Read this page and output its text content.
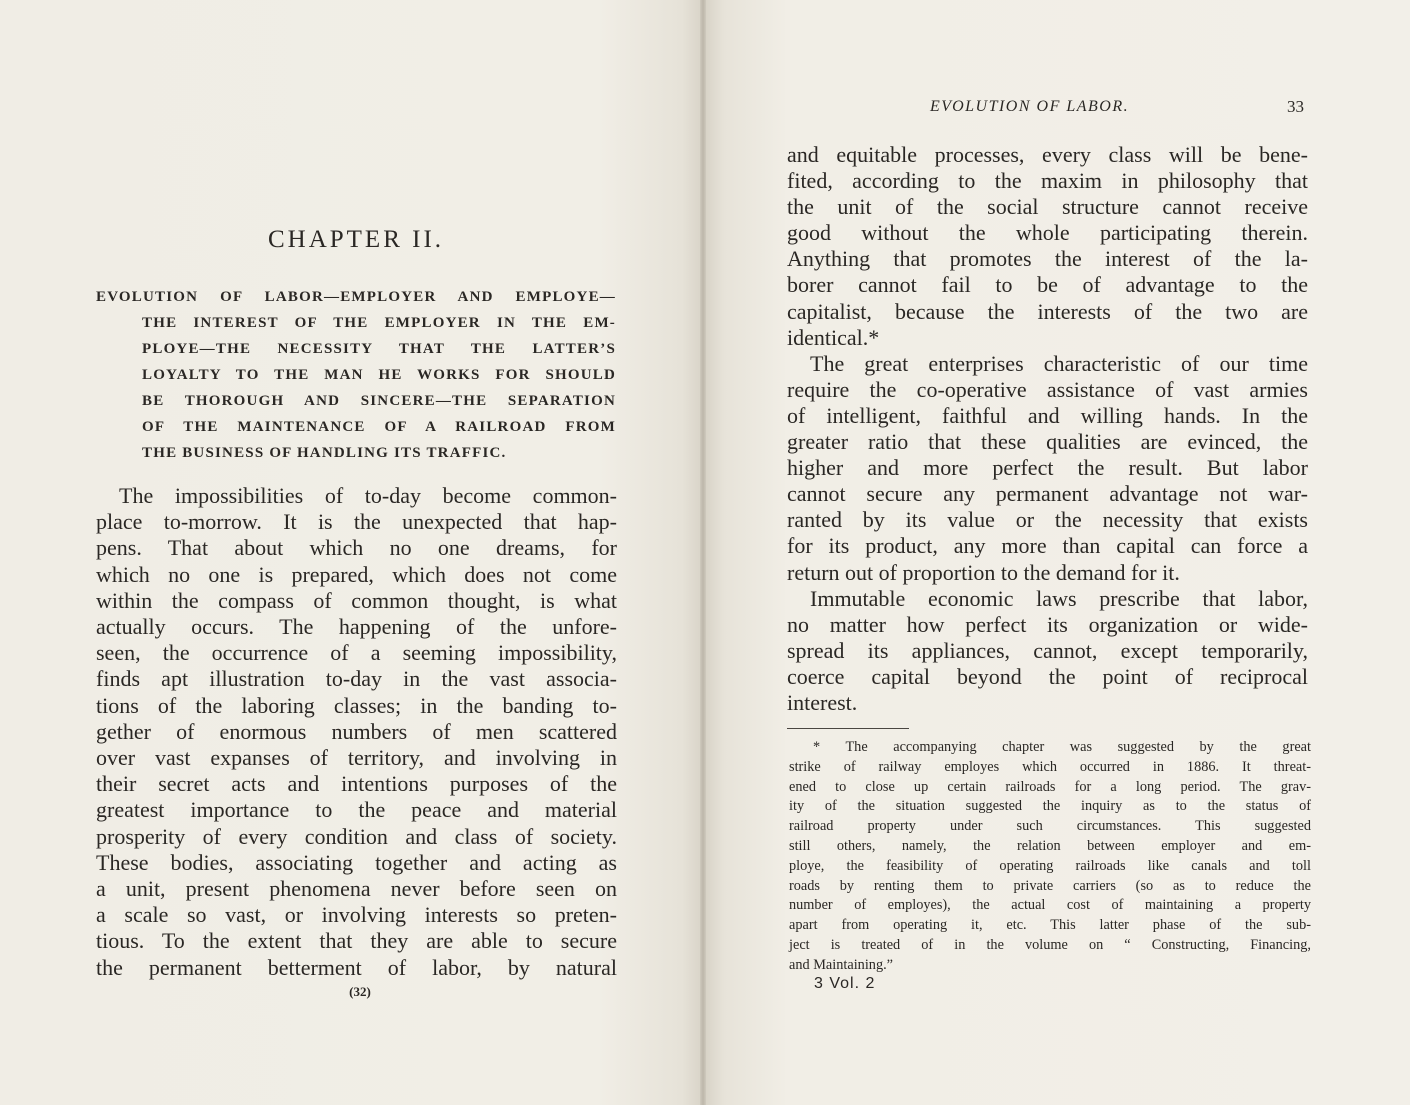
CHAPTER II.
EVOLUTION OF LABOR—EMPLOYER AND EMPLOYE—
THE INTEREST OF THE EMPLOYER IN THE EM-
PLOYE—THE NECESSITY THAT THE LATTER’S
LOYALTY TO THE MAN HE WORKS FOR SHOULD
BE THOROUGH AND SINCERE—THE SEPARATION
OF THE MAINTENANCE OF A RAILROAD FROM
THE BUSINESS OF HANDLING ITS TRAFFIC.
The impossibilities of to-day become common-
place to-morrow. It is the unexpected that hap-
pens. That about which no one dreams, for
which no one is prepared, which does not come
within the compass of common thought, is what
actually occurs. The happening of the unfore-
seen, the occurrence of a seeming impossibility,
finds apt illustration to-day in the vast associa-
tions of the laboring classes; in the banding to-
gether of enormous numbers of men scattered
over vast expanses of territory, and involving in
their secret acts and intentions purposes of the
greatest importance to the peace and material
prosperity of every condition and class of society.
These bodies, associating together and acting as
a unit, present phenomena never before seen on
a scale so vast, or involving interests so preten-
tious. To the extent that they are able to secure
the permanent betterment of labor, by natural
(32)
EVOLUTION OF LABOR.	33
and equitable processes, every class will be bene-
fited, according to the maxim in philosophy that
the unit of the social structure cannot receive
good without the whole participating therein.
Anything that promotes the interest of the la-
borer cannot fail to be of advantage to the
capitalist, because the interests of the two are
identical.*
The great enterprises characteristic of our time
require the co-operative assistance of vast armies
of intelligent, faithful and willing hands. In the
greater ratio that these qualities are evinced, the
higher and more perfect the result. But labor
cannot secure any permanent advantage not war-
ranted by its value or the necessity that exists
for its product, any more than capital can force a
return out of proportion to the demand for it.
Immutable economic laws prescribe that labor,
no matter how perfect its organization or wide-
spread its appliances, cannot, except temporarily,
coerce capital beyond the point of reciprocal
interest.
* The accompanying chapter was suggested by the great
strike of railway employes which occurred in 1886. It threat-
ened to close up certain railroads for a long period. The grav-
ity of the situation suggested the inquiry as to the status of
railroad property under such circumstances. This suggested
still others, namely, the relation between employer and em-
ploye, the feasibility of operating railroads like canals and toll
roads by renting them to private carriers (so as to reduce the
number of employes), the actual cost of maintaining a property
apart from operating it, etc. This latter phase of the sub-
ject is treated of in the volume on “ Constructing, Financing,
and Maintaining.”
3 Vol. 2
